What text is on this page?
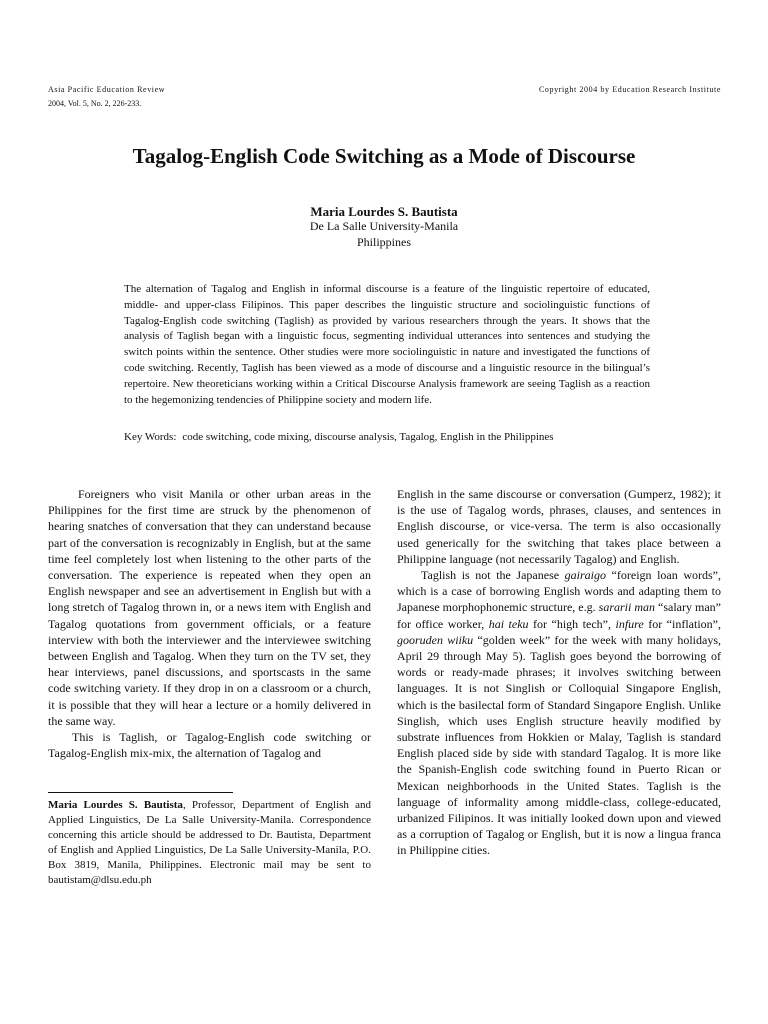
Asia Pacific Education Review
2004, Vol. 5, No. 2, 226-233.
Copyright 2004 by Education Research Institute
Tagalog-English Code Switching as a Mode of Discourse
Maria Lourdes S. Bautista
De La Salle University-Manila
Philippines

The alternation of Tagalog and English in informal discourse is a feature of the linguistic repertoire of educated, middle- and upper-class Filipinos. This paper describes the linguistic structure and sociolinguistic functions of Tagalog-English code switching (Taglish) as provided by various researchers through the years. It shows that the analysis of Taglish began with a linguistic focus, segmenting individual utterances into sentences and studying the switch points within the sentence. Other studies were more sociolinguistic in nature and investigated the functions of code switching. Recently, Taglish has been viewed as a mode of discourse and a linguistic resource in the bilingual’s repertoire. New theoreticians working within a Critical Discourse Analysis framework are seeing Taglish as a reaction to the hegemonizing tendencies of Philippine society and modern life.

Key Words: code switching, code mixing, discourse analysis, Tagalog, English in the Philippines

Foreigners who visit Manila or other urban areas in the Philippines for the first time are struck by the phenomenon of hearing snatches of conversation that they can understand because part of the conversation is recognizably in English, but at the same time feel completely lost when listening to the other parts of the conversation. The experience is repeated when they open an English newspaper and see an advertisement in English but with a long stretch of Tagalog thrown in, or a news item with English and Tagalog quotations from government officials, or a feature interview with both the interviewer and the interviewee switching between English and Tagalog. When they turn on the TV set, they hear interviews, panel discussions, and sportscasts in the same code switching variety. If they drop in on a classroom or a church, it is possible that they will hear a lecture or a homily delivered in the same way.

This is Taglish, or Tagalog-English code switching or Tagalog-English mix-mix, the alternation of Tagalog and

English in the same discourse or conversation (Gumperz, 1982); it is the use of Tagalog words, phrases, clauses, and sentences in English discourse, or vice-versa. The term is also occasionally used generically for the switching that takes place between a Philippine language (not necessarily Tagalog) and English.

Taglish is not the Japanese gairaigo “foreign loan words”, which is a case of borrowing English words and adapting them to Japanese morphophonemic structure, e.g. sararii man “salary man” for office worker, hai teku for “high tech”, infure for “inflation”, gooruden wiiku “golden week” for the week with many holidays, April 29 through May 5). Taglish goes beyond the borrowing of words or ready-made phrases; it involves switching between languages. It is not Singlish or Colloquial Singapore English, which is the basilectal form of Standard Singapore English. Unlike Singlish, which uses English structure heavily modified by substrate influences from Hokkien or Malay, Taglish is standard English placed side by side with standard Tagalog. It is more like the Spanish-English code switching found in Puerto Rican or Mexican neighborhoods in the United States. Taglish is the language of informality among middle-class, college-educated, urbanized Filipinos. It was initially looked down upon and viewed as a corruption of Tagalog or English, but it is now a lingua franca in Philippine cities.

Maria Lourdes S. Bautista, Professor, Department of English and Applied Linguistics, De La Salle University-Manila. Correspondence concerning this article should be addressed to Dr. Bautista, Department of English and Applied Linguistics, De La Salle University-Manila, P.O. Box 3819, Manila, Philippines. Electronic mail may be sent to bautistam@dlsu.edu.ph
